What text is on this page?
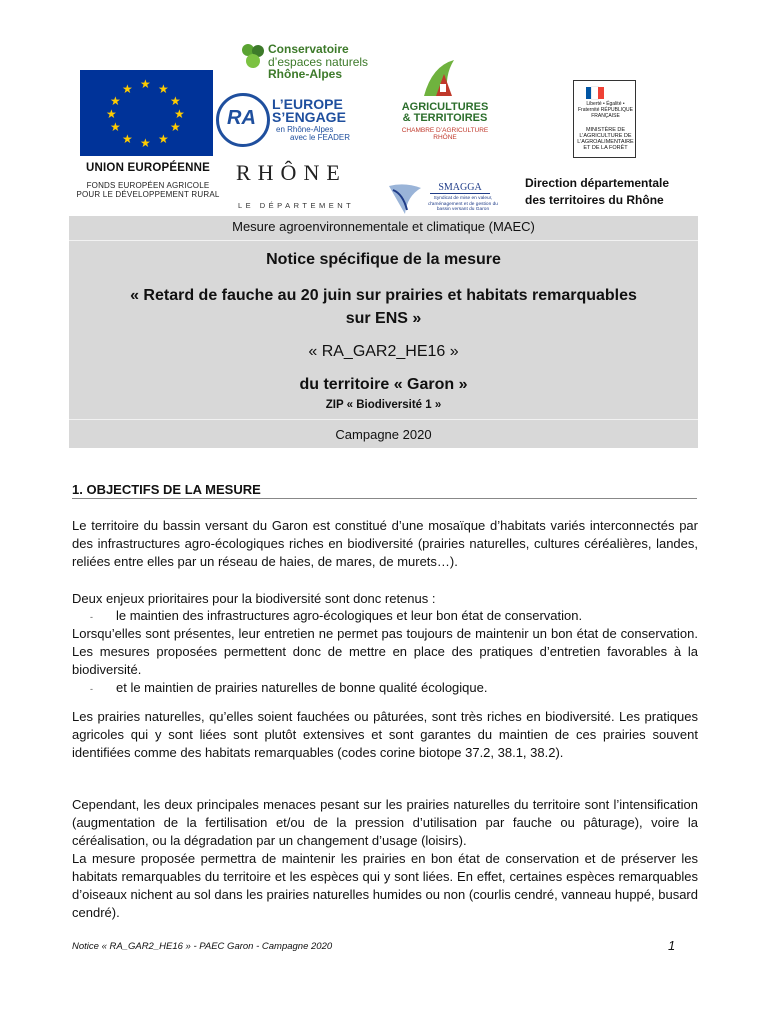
★ ★
★
★
★
★
★
★
★
★
★
★
UNION EUROPÉENNE
FONDS EUROPÉEN AGRICOLE
POUR LE DÉVELOPPEMENT RURAL
Conservatoire
d’espaces naturels
Rhône-Alpes
RA
L’EUROPE
S’ENGAGE
en Rhône-Alpes
avec le FEADER
AGRICULTURES
& TERRITOIRES
CHAMBRE D’AGRICULTURE RHÔNE
Liberté • Égalité • Fraternité RÉPUBLIQUE FRANÇAISE
MINISTÈRE DE L’AGRICULTURE DE L’AGROALIMENTAIRE ET DE LA FORÊT
RHÔNE
LE DÉPARTEMENT
SMAGGA
Syndicat de mise en valeur, d’aménagement et de gestion du bassin versant du Garon
Direction départementale
des territoires du Rhône
Mesure agroenvironnementale et climatique (MAEC)
Notice spécifique de la mesure
« Retard de fauche au 20 juin sur prairies et habitats remarquables
sur ENS »
« RA_GAR2_HE16 »
du territoire « Garon »
ZIP « Biodiversité 1 »
Campagne 2020
1. OBJECTIFS DE LA MESURE

Le territoire du bassin versant du Garon est constitué d’une mosaïque d’habitats variés interconnectés par des infrastructures agro-écologiques riches en biodiversité (prairies naturelles, cultures céréalières, landes, reliées entre elles par un réseau de haies, de mares, de murets…).

Deux enjeux prioritaires pour la biodiversité sont donc retenus :

- le maintien des infrastructures agro-écologiques et leur bon état de conservation.

Lorsqu’elles sont présentes, leur entretien ne permet pas toujours de maintenir un bon état de conservation. Les mesures proposées permettent donc de mettre en place des pratiques d’entretien favorables à la biodiversité.

- et le maintien de prairies naturelles de bonne qualité écologique.

Les prairies naturelles, qu’elles soient fauchées ou pâturées, sont très riches en biodiversité. Les pratiques agricoles qui y sont liées sont plutôt extensives et sont garantes du maintien de ces prairies souvent identifiées comme des habitats remarquables (codes corine biotope 37.2, 38.1, 38.2).

Cependant, les deux principales menaces pesant sur les prairies naturelles du territoire sont l’intensification (augmentation de la fertilisation et/ou de la pression d’utilisation par fauche ou pâturage), voire la céréalisation, ou la dégradation par un changement d’usage (loisirs).

La mesure proposée permettra de maintenir les prairies en bon état de conservation et de préserver les habitats remarquables du territoire et les espèces qui y sont liées. En effet, certaines espèces remarquables d’oiseaux nichent au sol dans les prairies naturelles humides ou non (courlis cendré, vanneau huppé, busard cendré).

Notice « RA_GAR2_HE16 » - PAEC Garon - Campagne 2020	1
